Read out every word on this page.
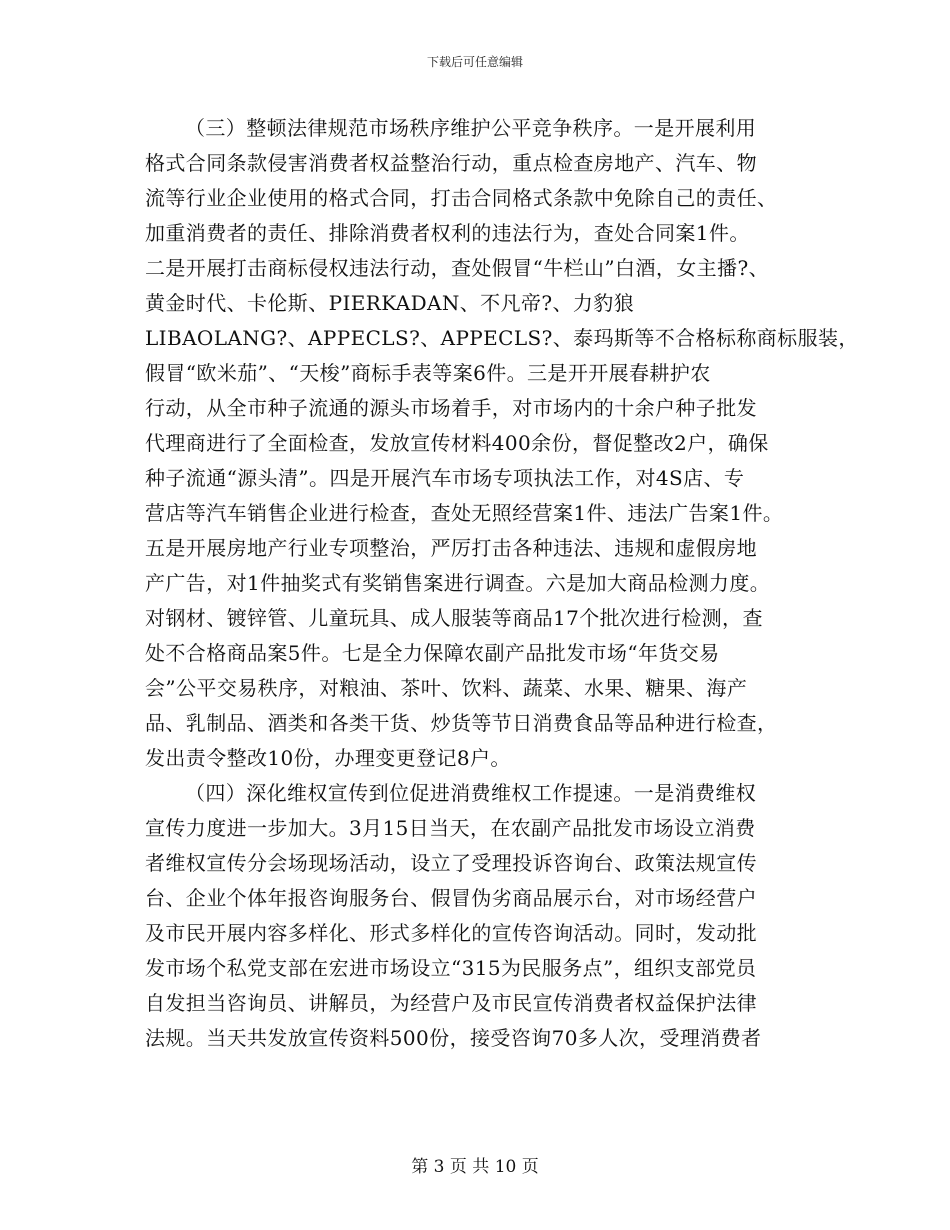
下载后可任意编辑
（三）整顿法律规范市场秩序维护公平竞争秩序。一是开展利用
格式合同条款侵害消费者权益整治行动，重点检查房地产、汽车、物
流等行业企业使用的格式合同，打击合同格式条款中免除自己的责任、
加重消费者的责任、排除消费者权利的违法行为，查处合同案1件。
二是开展打击商标侵权违法行动，查处假冒“牛栏山”白酒，女主播?、
黄金时代、卡伦斯、PIERKADAN、不凡帝?、力豹狼
LIBAOLANG?、APPECLS?、APPECLS?、泰玛斯等不合格标称商标服装，
假冒“欧米茄”、“天梭”商标手表等案6件。三是开开展春耕护农
行动，从全市种子流通的源头市场着手，对市场内的十余户种子批发
代理商进行了全面检查，发放宣传材料400余份，督促整改2户，确保
种子流通“源头清”。四是开展汽车市场专项执法工作，对4S店、专
营店等汽车销售企业进行检查，查处无照经营案1件、违法广告案1件。
五是开展房地产行业专项整治，严厉打击各种违法、违规和虚假房地
产广告，对1件抽奖式有奖销售案进行调查。六是加大商品检测力度。
对钢材、镀锌管、儿童玩具、成人服装等商品17个批次进行检测，查
处不合格商品案5件。七是全力保障农副产品批发市场“年货交易
会”公平交易秩序，对粮油、茶叶、饮料、蔬菜、水果、糖果、海产
品、乳制品、酒类和各类干货、炒货等节日消费食品等品种进行检查，
发出责令整改10份，办理变更登记8户。
（四）深化维权宣传到位促进消费维权工作提速。一是消费维权
宣传力度进一步加大。3月15日当天，在农副产品批发市场设立消费
者维权宣传分会场现场活动，设立了受理投诉咨询台、政策法规宣传
台、企业个体年报咨询服务台、假冒伪劣商品展示台，对市场经营户
及市民开展内容多样化、形式多样化的宣传咨询活动。同时，发动批
发市场个私党支部在宏进市场设立“315为民服务点”，组织支部党员
自发担当咨询员、讲解员，为经营户及市民宣传消费者权益保护法律
法规。当天共发放宣传资料500份，接受咨询70多人次，受理消费者
第 3 页 共 10 页
